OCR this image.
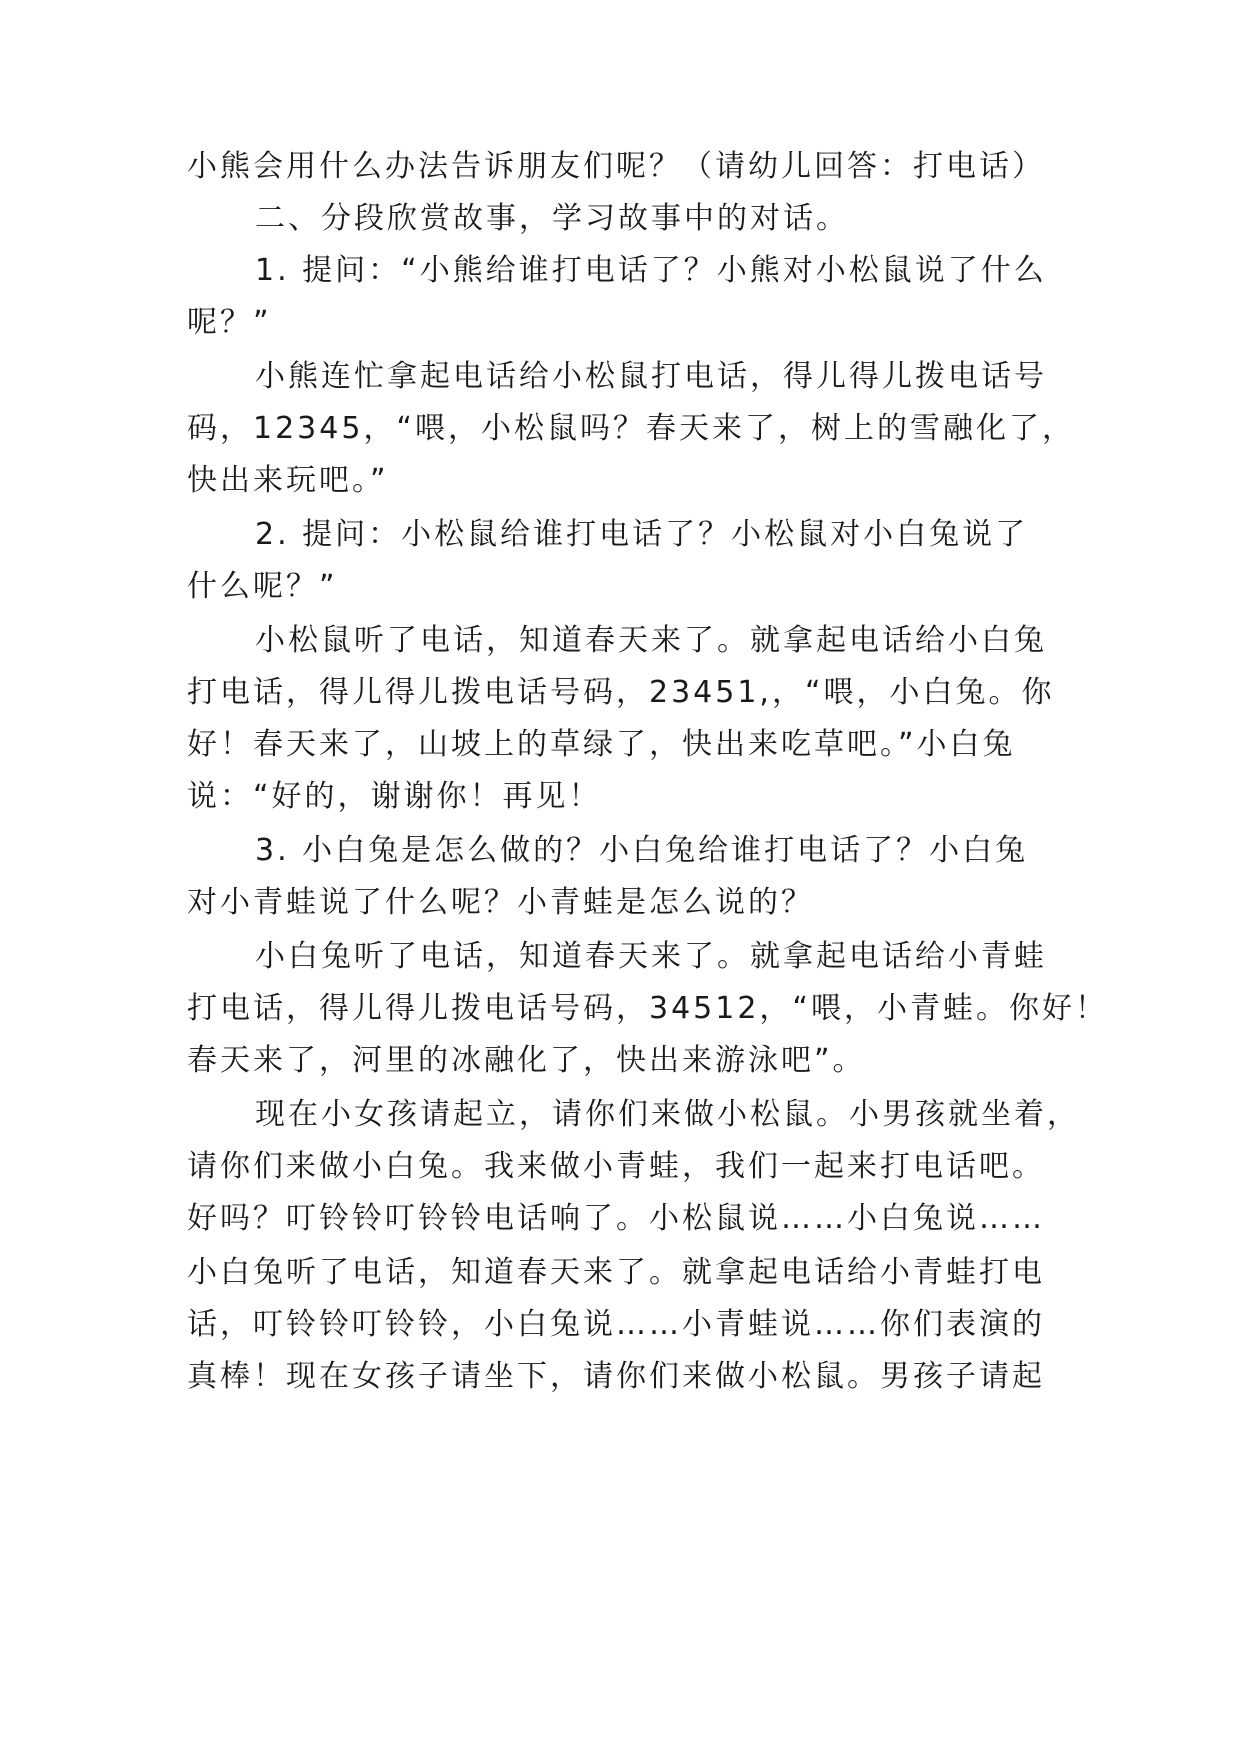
小熊会用什么办法告诉朋友们呢？（请幼儿回答：打电话）
二、分段欣赏故事，学习故事中的对话。
1. 提问：“小熊给谁打电话了？小熊对小松鼠说了什么
呢？”
小熊连忙拿起电话给小松鼠打电话，得儿得儿拨电话号
码，12345，“喂，小松鼠吗？春天来了，树上的雪融化了，
快出来玩吧。”
2. 提问：小松鼠给谁打电话了？小松鼠对小白兔说了
什么呢？”
小松鼠听了电话，知道春天来了。就拿起电话给小白兔
打电话，得儿得儿拨电话号码，23451,，“喂，小白兔。你
好！春天来了，山坡上的草绿了，快出来吃草吧。”小白兔
说：“好的，谢谢你！再见！
3. 小白兔是怎么做的？小白兔给谁打电话了？小白兔
对小青蛙说了什么呢？小青蛙是怎么说的？
小白兔听了电话，知道春天来了。就拿起电话给小青蛙
打电话，得儿得儿拨电话号码，34512，“喂，小青蛙。你好！
春天来了，河里的冰融化了，快出来游泳吧”。
现在小女孩请起立，请你们来做小松鼠。小男孩就坐着，
请你们来做小白兔。我来做小青蛙，我们一起来打电话吧。
好吗？叮铃铃叮铃铃电话响了。小松鼠说……小白兔说……
小白兔听了电话，知道春天来了。就拿起电话给小青蛙打电
话，叮铃铃叮铃铃，小白兔说……小青蛙说……你们表演的
真棒！现在女孩子请坐下，请你们来做小松鼠。男孩子请起
